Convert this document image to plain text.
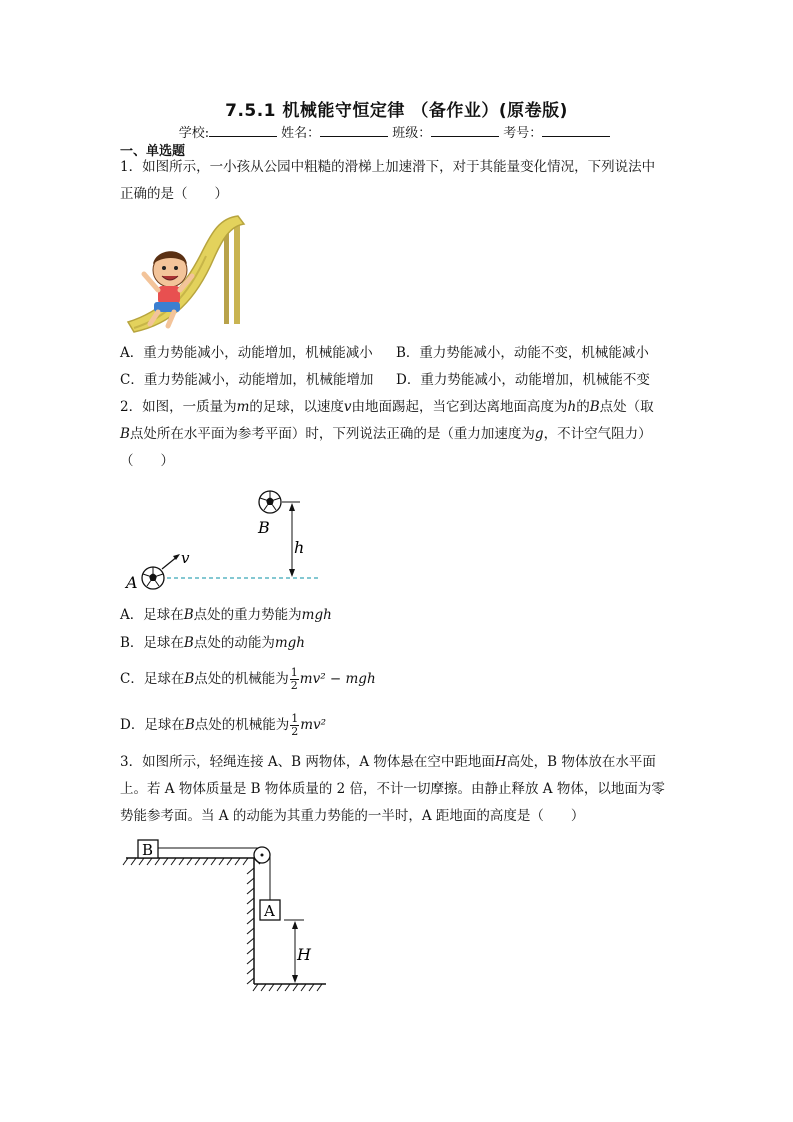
7.5.1 机械能守恒定律 （备作业）(原卷版)
学校:	姓名：	班级：	考号：
一、单选题
1．如图所示，一小孩从公园中粗糙的滑梯上加速滑下，对于其能量变化情况，下列说法中
正确的是（　　）
A．重力势能减小，动能增加，机械能减小 B．重力势能减小，动能不变，机械能减小
C．重力势能减小，动能增加，机械能增加 D．重力势能减小，动能增加，机械能不变
2．如图，一质量为m的足球，以速度v由地面踢起，当它到达离地面高度为h的B点处（取
B点处所在水平面为参考平面）时，下列说法正确的是（重力加速度为g，不计空气阻力）
（　　）
A
v
B
h
A．足球在B点处的重力势能为mgh
B．足球在B点处的动能为mgh
C．足球在B点处的机械能为 $\frac{1}{2} mv^2$ − mgh
D．足球在B点处的机械能为 $\frac{1}{2} mv^2$
3．如图所示，轻绳连接 A、B 两物体，A 物体悬在空中距地面H高处，B 物体放在水平面
上。若 A 物体质量是 B 物体质量的 2 倍，不计一切摩擦。由静止释放 A 物体，以地面为零
势能参考面。当 A 的动能为其重力势能的一半时，A 距地面的高度是（　　）
B
A
H
